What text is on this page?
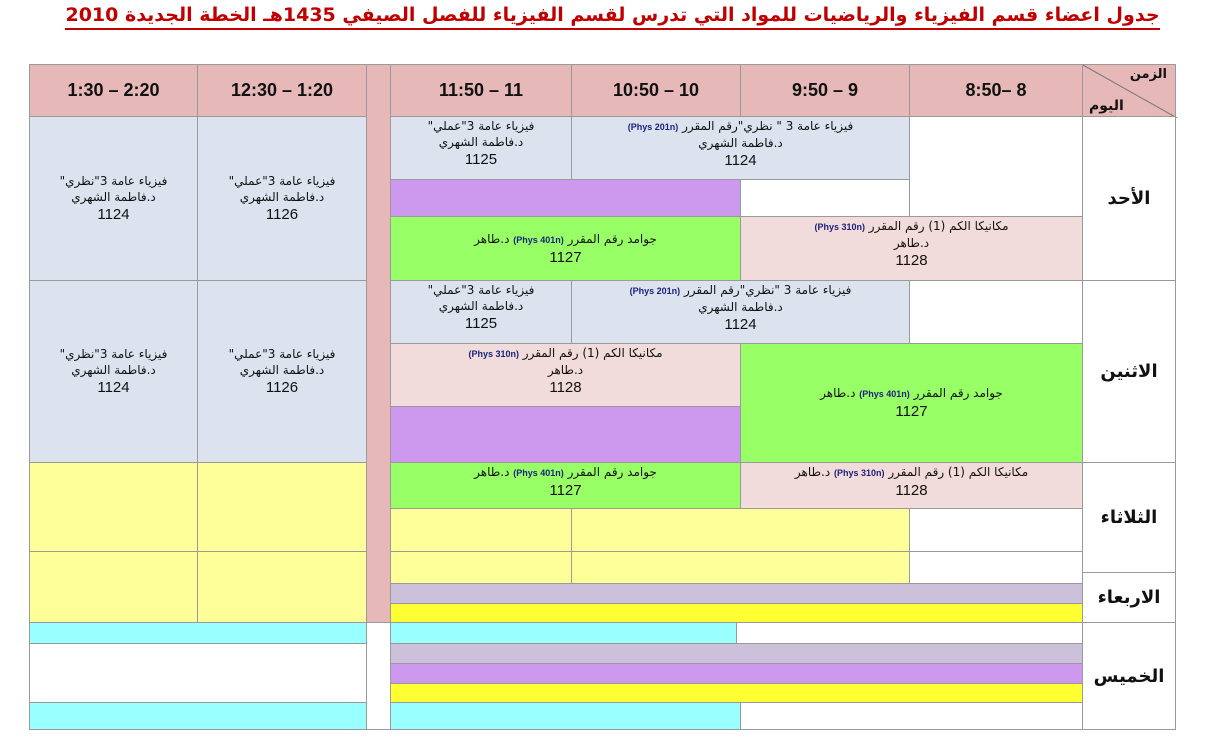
جدول اعضاء قسم الفيزياء والرياضيات للمواد التي تدرس لقسم الفيزياء للفصل الصيفي 1435هـ الخطة الجديدة 2010
الزمن
اليوم
8:50– 8
9:50 – 9
10:50 – 10
11:50 – 11
12:30 – 1:20
1:30 – 2:20
الأحد
الاثنين
الثلاثاء
الاربعاء
الخميس
فيزياء عامة 3 " نظري"رقم المقرر (Phys 201n)
د.فاطمة الشهري
1124
فيزياء عامة 3"عملي"
د.فاطمة الشهري
1125
مكانيكا الكم (1) رقم المقرر (Phys 310n)
د.طاهر
1128
جوامد رقم المقرر (Phys 401n) د.طاهر
1127
فيزياء عامة 3"عملي"
د.فاطمة الشهري
1126
فيزياء عامة 3"نظري"
د.فاطمة الشهري
1124
فيزياء عامة 3 "نظري"رقم المقرر (Phys 201n)
د.فاطمة الشهري
1124
فيزياء عامة 3"عملي"
د.فاطمة الشهري
1125
مكانيكا الكم (1) رقم المقرر (Phys 310n)
د.طاهر
1128	جوامد رقم المقرر (Phys 401n) د.طاهر
1127
فيزياء عامة 3"عملي"
د.فاطمة الشهري
1126
فيزياء عامة 3"نظري"
د.فاطمة الشهري
1124
مكانيكا الكم (1) رقم المقرر (Phys 310n) د.طاهر
1128
جوامد رقم المقرر (Phys 401n) د.طاهر
1127
